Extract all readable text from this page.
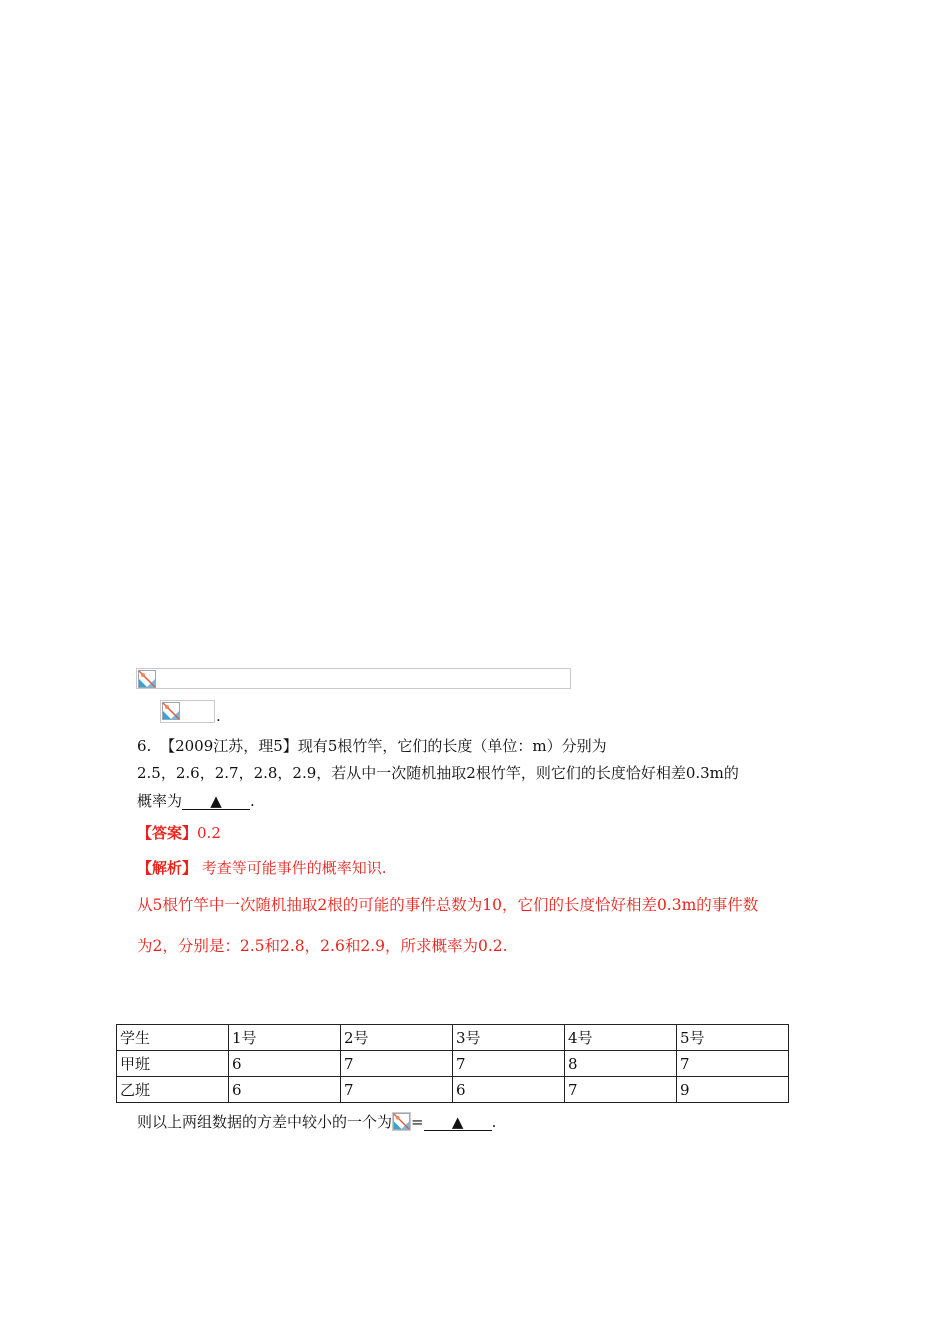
.
6. 【2009江苏，理5】现有5根竹竿，它们的长度（单位：m）分别为
2.5，2.6，2.7，2.8，2.9，若从中一次随机抽取2根竹竿，则它们的长度恰好相差0.3m的
概率为 ▲ .
【答案】0.2
【解析】 考查等可能事件的概率知识.
从5根竹竿中一次随机抽取2根的可能的事件总数为10，它们的长度恰好相差0.3m的事件数
为2，分别是：2.5和2.8，2.6和2.9，所求概率为0.2.
学生	1号	2号	3号	4号	5号
甲班	6	7	7	8	7
乙班	6	7	6	7	9
则以上两组数据的方差中较小的一个为 = ▲ .
